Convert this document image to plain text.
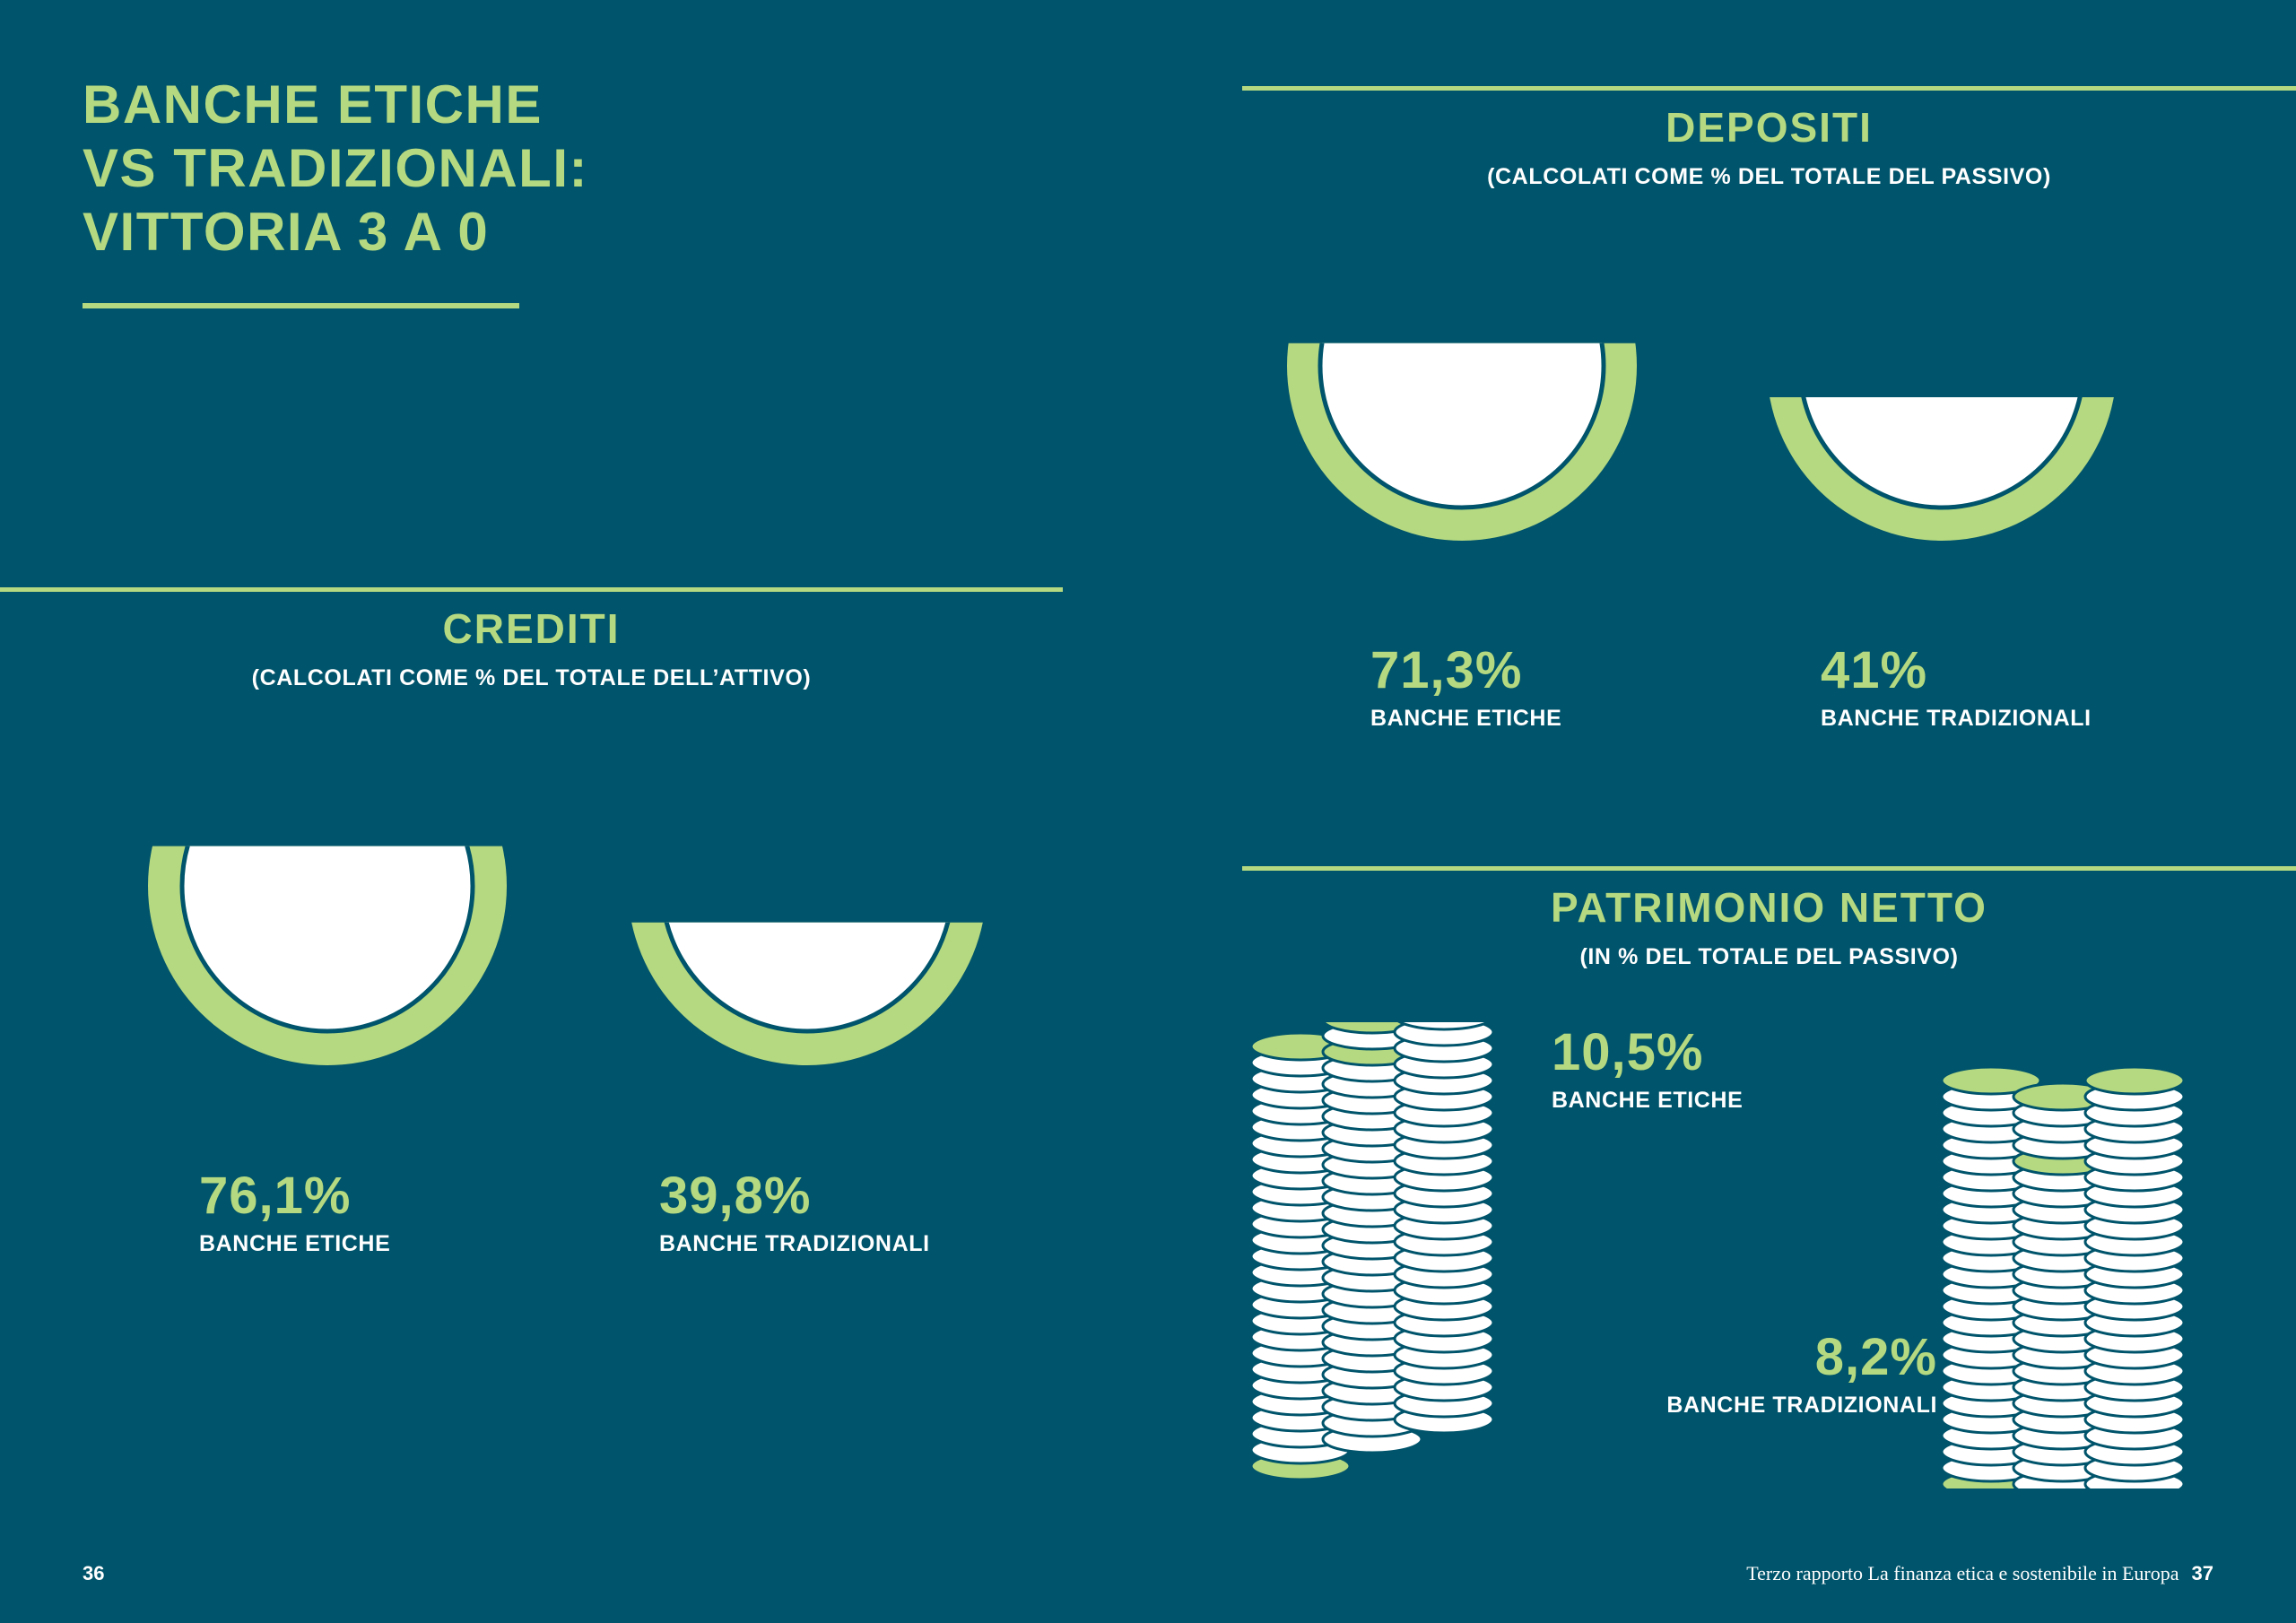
BANCHE ETICHE
VS TRADIZIONALI:
VITTORIA 3 A 0
CREDITI
(CALCOLATI COME % DEL TOTALE DELL’ATTIVO)
76,1%
BANCHE ETICHE
39,8%
BANCHE TRADIZIONALI
DEPOSITI
(CALCOLATI COME % DEL TOTALE DEL PASSIVO)
71,3%
BANCHE ETICHE
41%
BANCHE TRADIZIONALI
PATRIMONIO NETTO
(IN % DEL TOTALE DEL PASSIVO)
10,5%
BANCHE ETICHE
8,2%
BANCHE TRADIZIONALI
36	Terzo rapporto La finanza etica e sostenibile in Europa 37
